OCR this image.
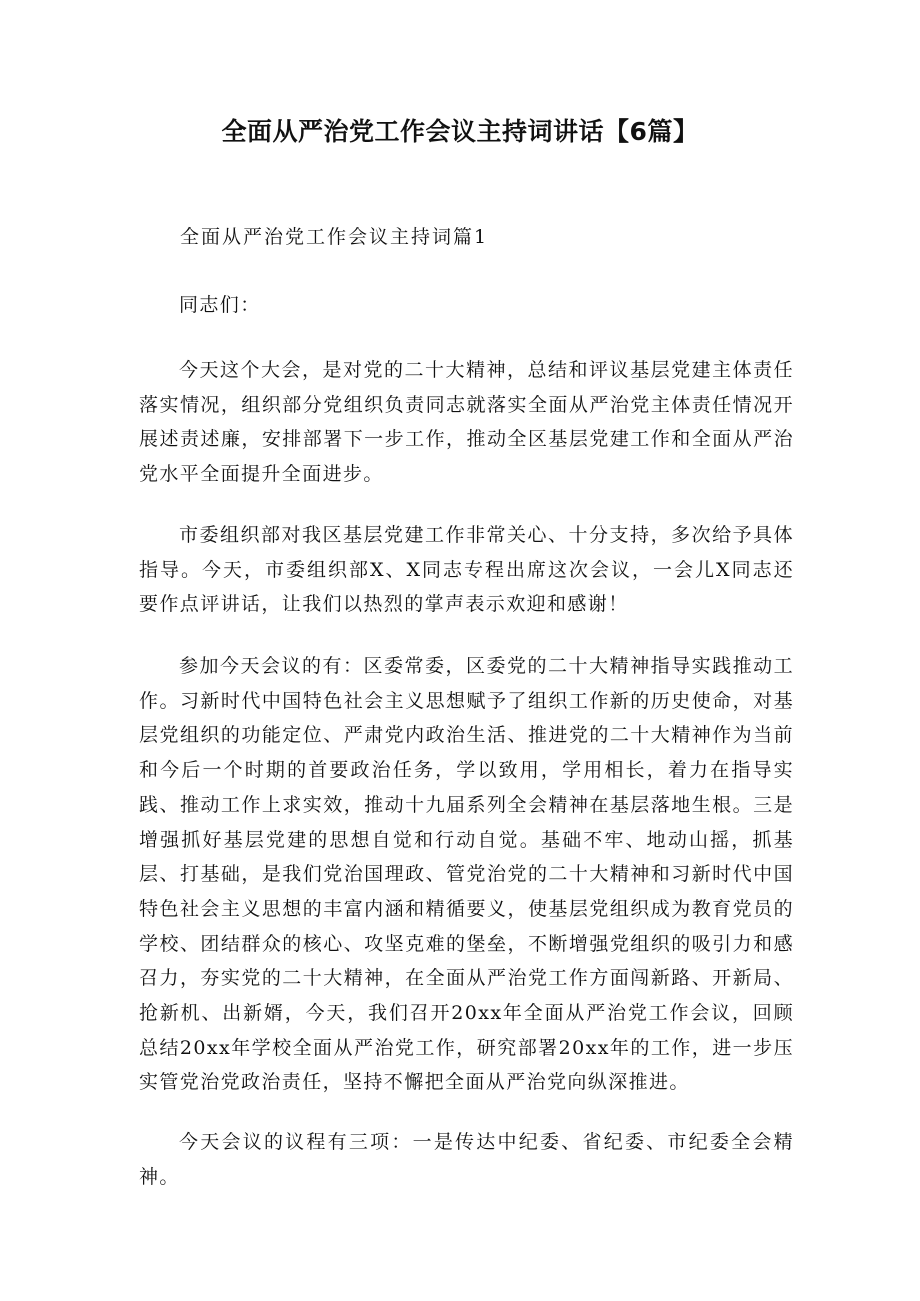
全面从严治党工作会议主持词讲话【6篇】

全面从严治党工作会议主持词篇1

同志们：

今天这个大会，是对党的二十大精神，总结和评议基层党建主体责任落实情况，组织部分党组织负责同志就落实全面从严治党主体责任情况开展述责述廉，安排部署下一步工作，推动全区基层党建工作和全面从严治党水平全面提升全面进步。

市委组织部对我区基层党建工作非常关心、十分支持，多次给予具体指导。今天，市委组织部X、X同志专程出席这次会议，一会儿X同志还要作点评讲话，让我们以热烈的掌声表示欢迎和感谢！

参加今天会议的有：区委常委，区委党的二十大精神指导实践推动工作。习新时代中国特色社会主义思想赋予了组织工作新的历史使命，对基层党组织的功能定位、严肃党内政治生活、推进党的二十大精神作为当前和今后一个时期的首要政治任务，学以致用，学用相长，着力在指导实践、推动工作上求实效，推动十九届系列全会精神在基层落地生根。三是增强抓好基层党建的思想自觉和行动自觉。基础不牢、地动山摇，抓基层、打基础，是我们党治国理政、管党治党的二十大精神和习新时代中国特色社会主义思想的丰富内涵和精循要义，使基层党组织成为教育党员的学校、团结群众的核心、攻坚克难的堡垒，不断增强党组织的吸引力和感召力，夯实党的二十大精神，在全面从严治党工作方面闯新路、开新局、抢新机、出新婿，今天，我们召开20xx年全面从严治党工作会议，回顾总结20xx年学校全面从严治党工作，研究部署20xx年的工作，进一步压实管党治党政治责任，坚持不懈把全面从严治党向纵深推进。

今天会议的议程有三项：一是传达中纪委、省纪委、市纪委全会精神。
